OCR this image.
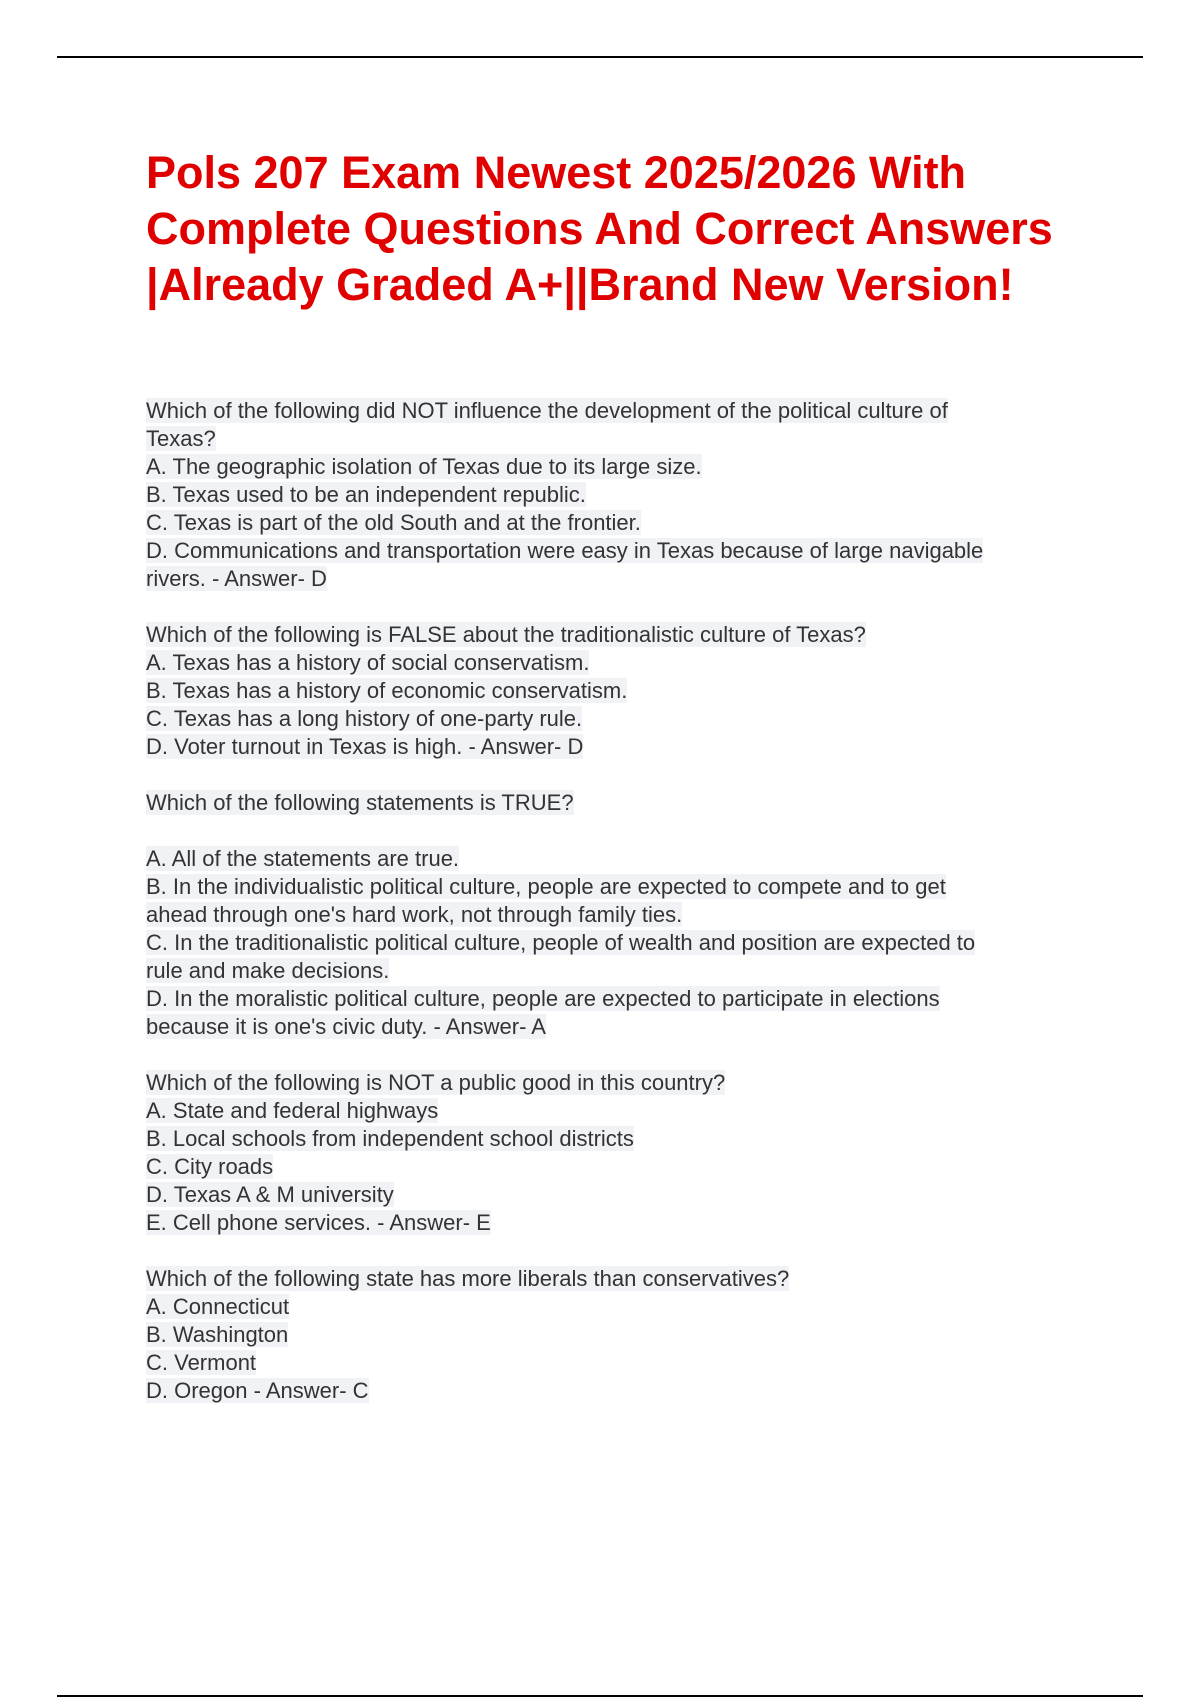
Pols 207 Exam Newest 2025/2026 With Complete Questions And Correct Answers |Already Graded A+||Brand New Version!
Which of the following did NOT influence the development of the political culture of
Texas?
A. The geographic isolation of Texas due to its large size.
B. Texas used to be an independent republic.
C. Texas is part of the old South and at the frontier.
D. Communications and transportation were easy in Texas because of large navigable
rivers. - Answer- D
Which of the following is FALSE about the traditionalistic culture of Texas?
A. Texas has a history of social conservatism.
B. Texas has a history of economic conservatism.
C. Texas has a long history of one-party rule.
D. Voter turnout in Texas is high. - Answer- D
Which of the following statements is TRUE?
A. All of the statements are true.
B. In the individualistic political culture, people are expected to compete and to get
ahead through one's hard work, not through family ties.
C. In the traditionalistic political culture, people of wealth and position are expected to
rule and make decisions.
D. In the moralistic political culture, people are expected to participate in elections
because it is one's civic duty. - Answer- A
Which of the following is NOT a public good in this country?
A. State and federal highways
B. Local schools from independent school districts
C. City roads
D. Texas A & M university
E. Cell phone services. - Answer- E
Which of the following state has more liberals than conservatives?
A. Connecticut
B. Washington
C. Vermont
D. Oregon - Answer- C
